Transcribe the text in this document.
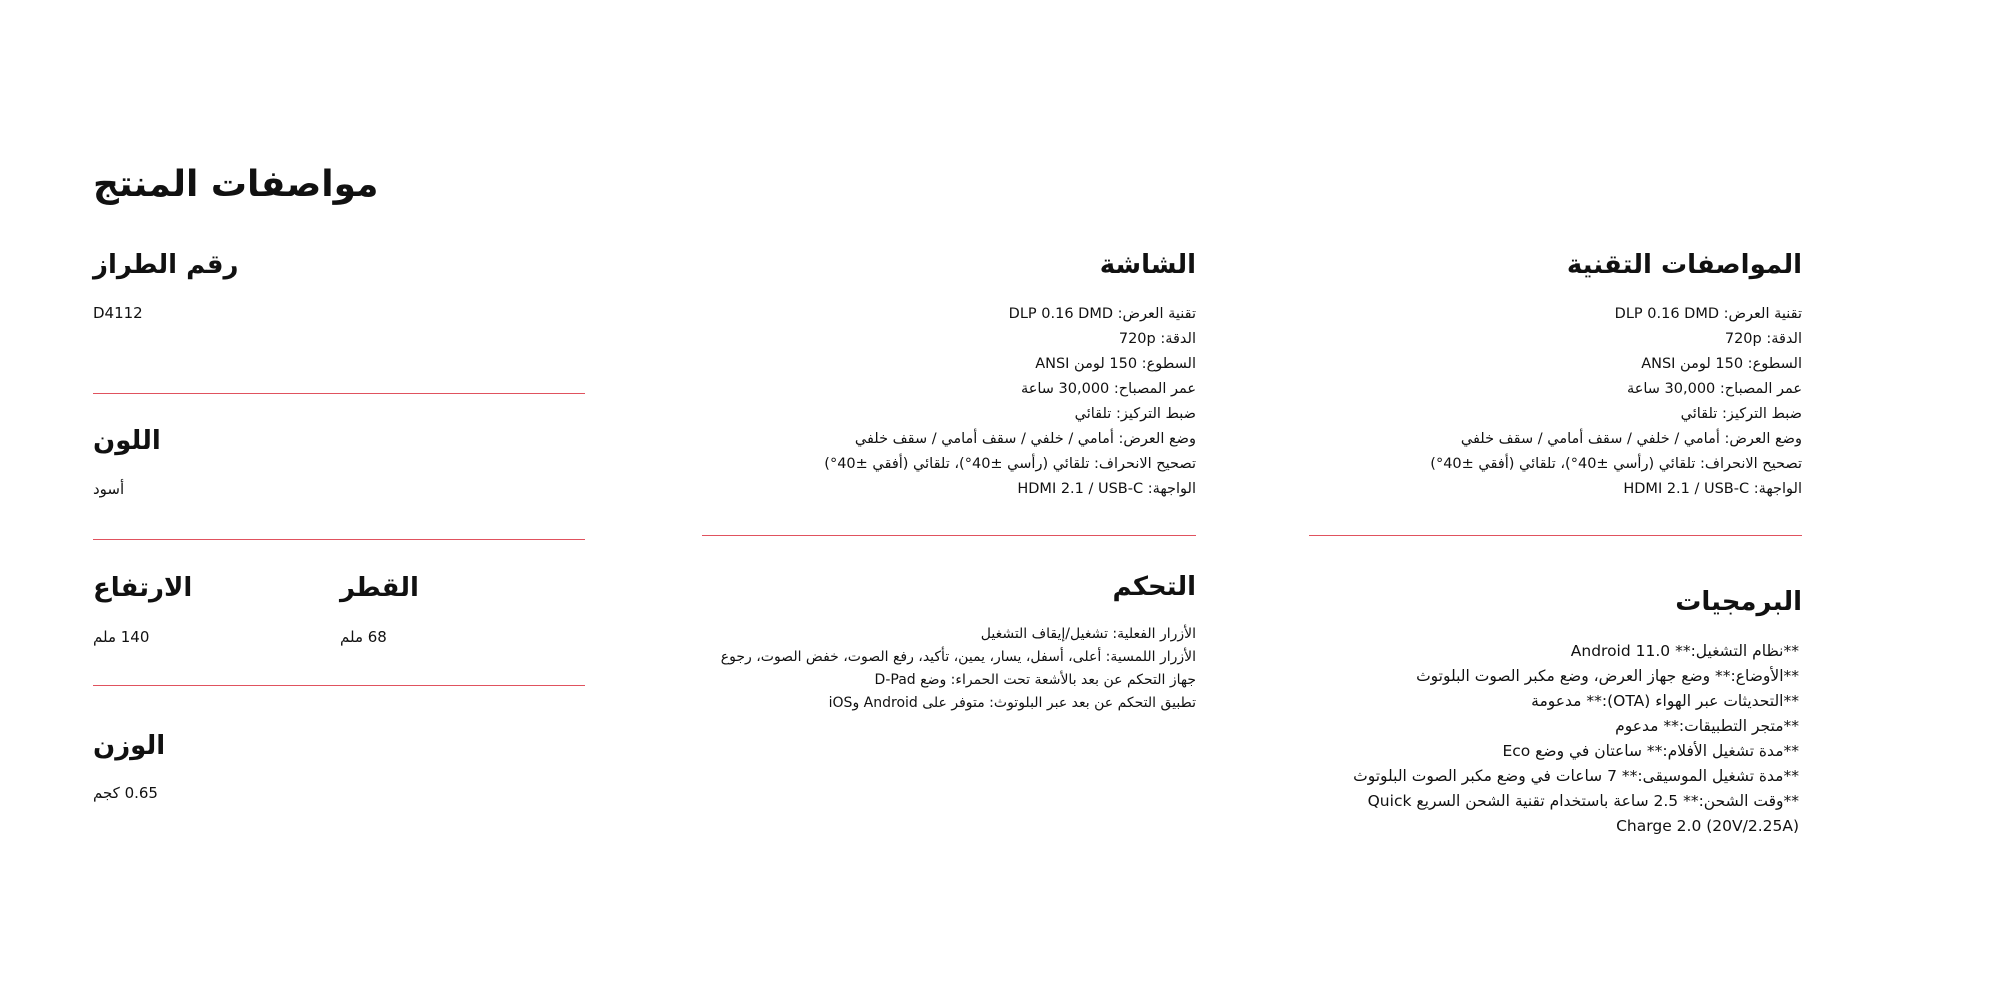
مواصفات المنتج
المواصفات التقنية
تقنية العرض: DLP 0.16 DMD
الدقة: 720p
السطوع: 150 لومن ANSI
عمر المصباح: 30,000 ساعة
ضبط التركيز: تلقائي
وضع العرض: أمامي / خلفي / سقف أمامي / سقف خلفي
تصحيح الانحراف: تلقائي (رأسي ±40°)، تلقائي (أفقي ±40°)
الواجهة: HDMI 2.1 / USB-C
البرمجيات
**نظام التشغيل:** Android 11.0
**الأوضاع:** وضع جهاز العرض، وضع مكبر الصوت البلوتوث
**التحديثات عبر الهواء (OTA):** مدعومة
**متجر التطبيقات:** مدعوم
**مدة تشغيل الأفلام:** ساعتان في وضع Eco
**مدة تشغيل الموسيقى:** 7 ساعات في وضع مكبر الصوت البلوتوث
**وقت الشحن:** 2.5 ساعة باستخدام تقنية الشحن السريع Quick
Charge 2.0 (20V/2.25A)
الشاشة
تقنية العرض: DLP 0.16 DMD
الدقة: 720p
السطوع: 150 لومن ANSI
عمر المصباح: 30,000 ساعة
ضبط التركيز: تلقائي
وضع العرض: أمامي / خلفي / سقف أمامي / سقف خلفي
تصحيح الانحراف: تلقائي (رأسي ±40°)، تلقائي (أفقي ±40°)
الواجهة: HDMI 2.1 / USB-C
التحكم
الأزرار الفعلية: تشغيل/إيقاف التشغيل
الأزرار اللمسية: أعلى، أسفل، يسار، يمين، تأكيد، رفع الصوت، خفض الصوت، رجوع
جهاز التحكم عن بعد بالأشعة تحت الحمراء: وضع D-Pad
تطبيق التحكم عن بعد عبر البلوتوث: متوفر على Android وiOS
رقم الطراز

D4112

اللون

أسود

الارتفاع

140 ملم

القطر

68 ملم

الوزن

0.65 كجم
